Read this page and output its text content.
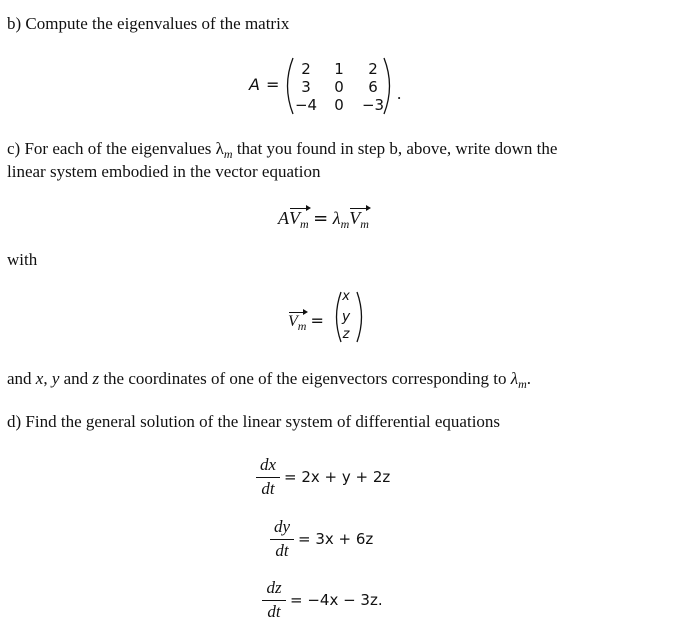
b) Compute the eigenvalues of the matrix
A =	.
2	1	2
3	0	6
−4	0	−3
c) For each of the eigenvalues $\lambda_m$ that you found in step b, above, write down the
linear system embodied in the vector equation
$AV_m = \lambda_mV_m$
with
$V_m$ =
x
y
z
and x, y and z the coordinates of one of the eigenvectors corresponding to $\lambda_m$.
d) Find the general solution of the linear system of differential equations
dx
dt
= 2x + y + 2z
dy
dt
= 3x + 6z
dz
dt
= −4x − 3z.
